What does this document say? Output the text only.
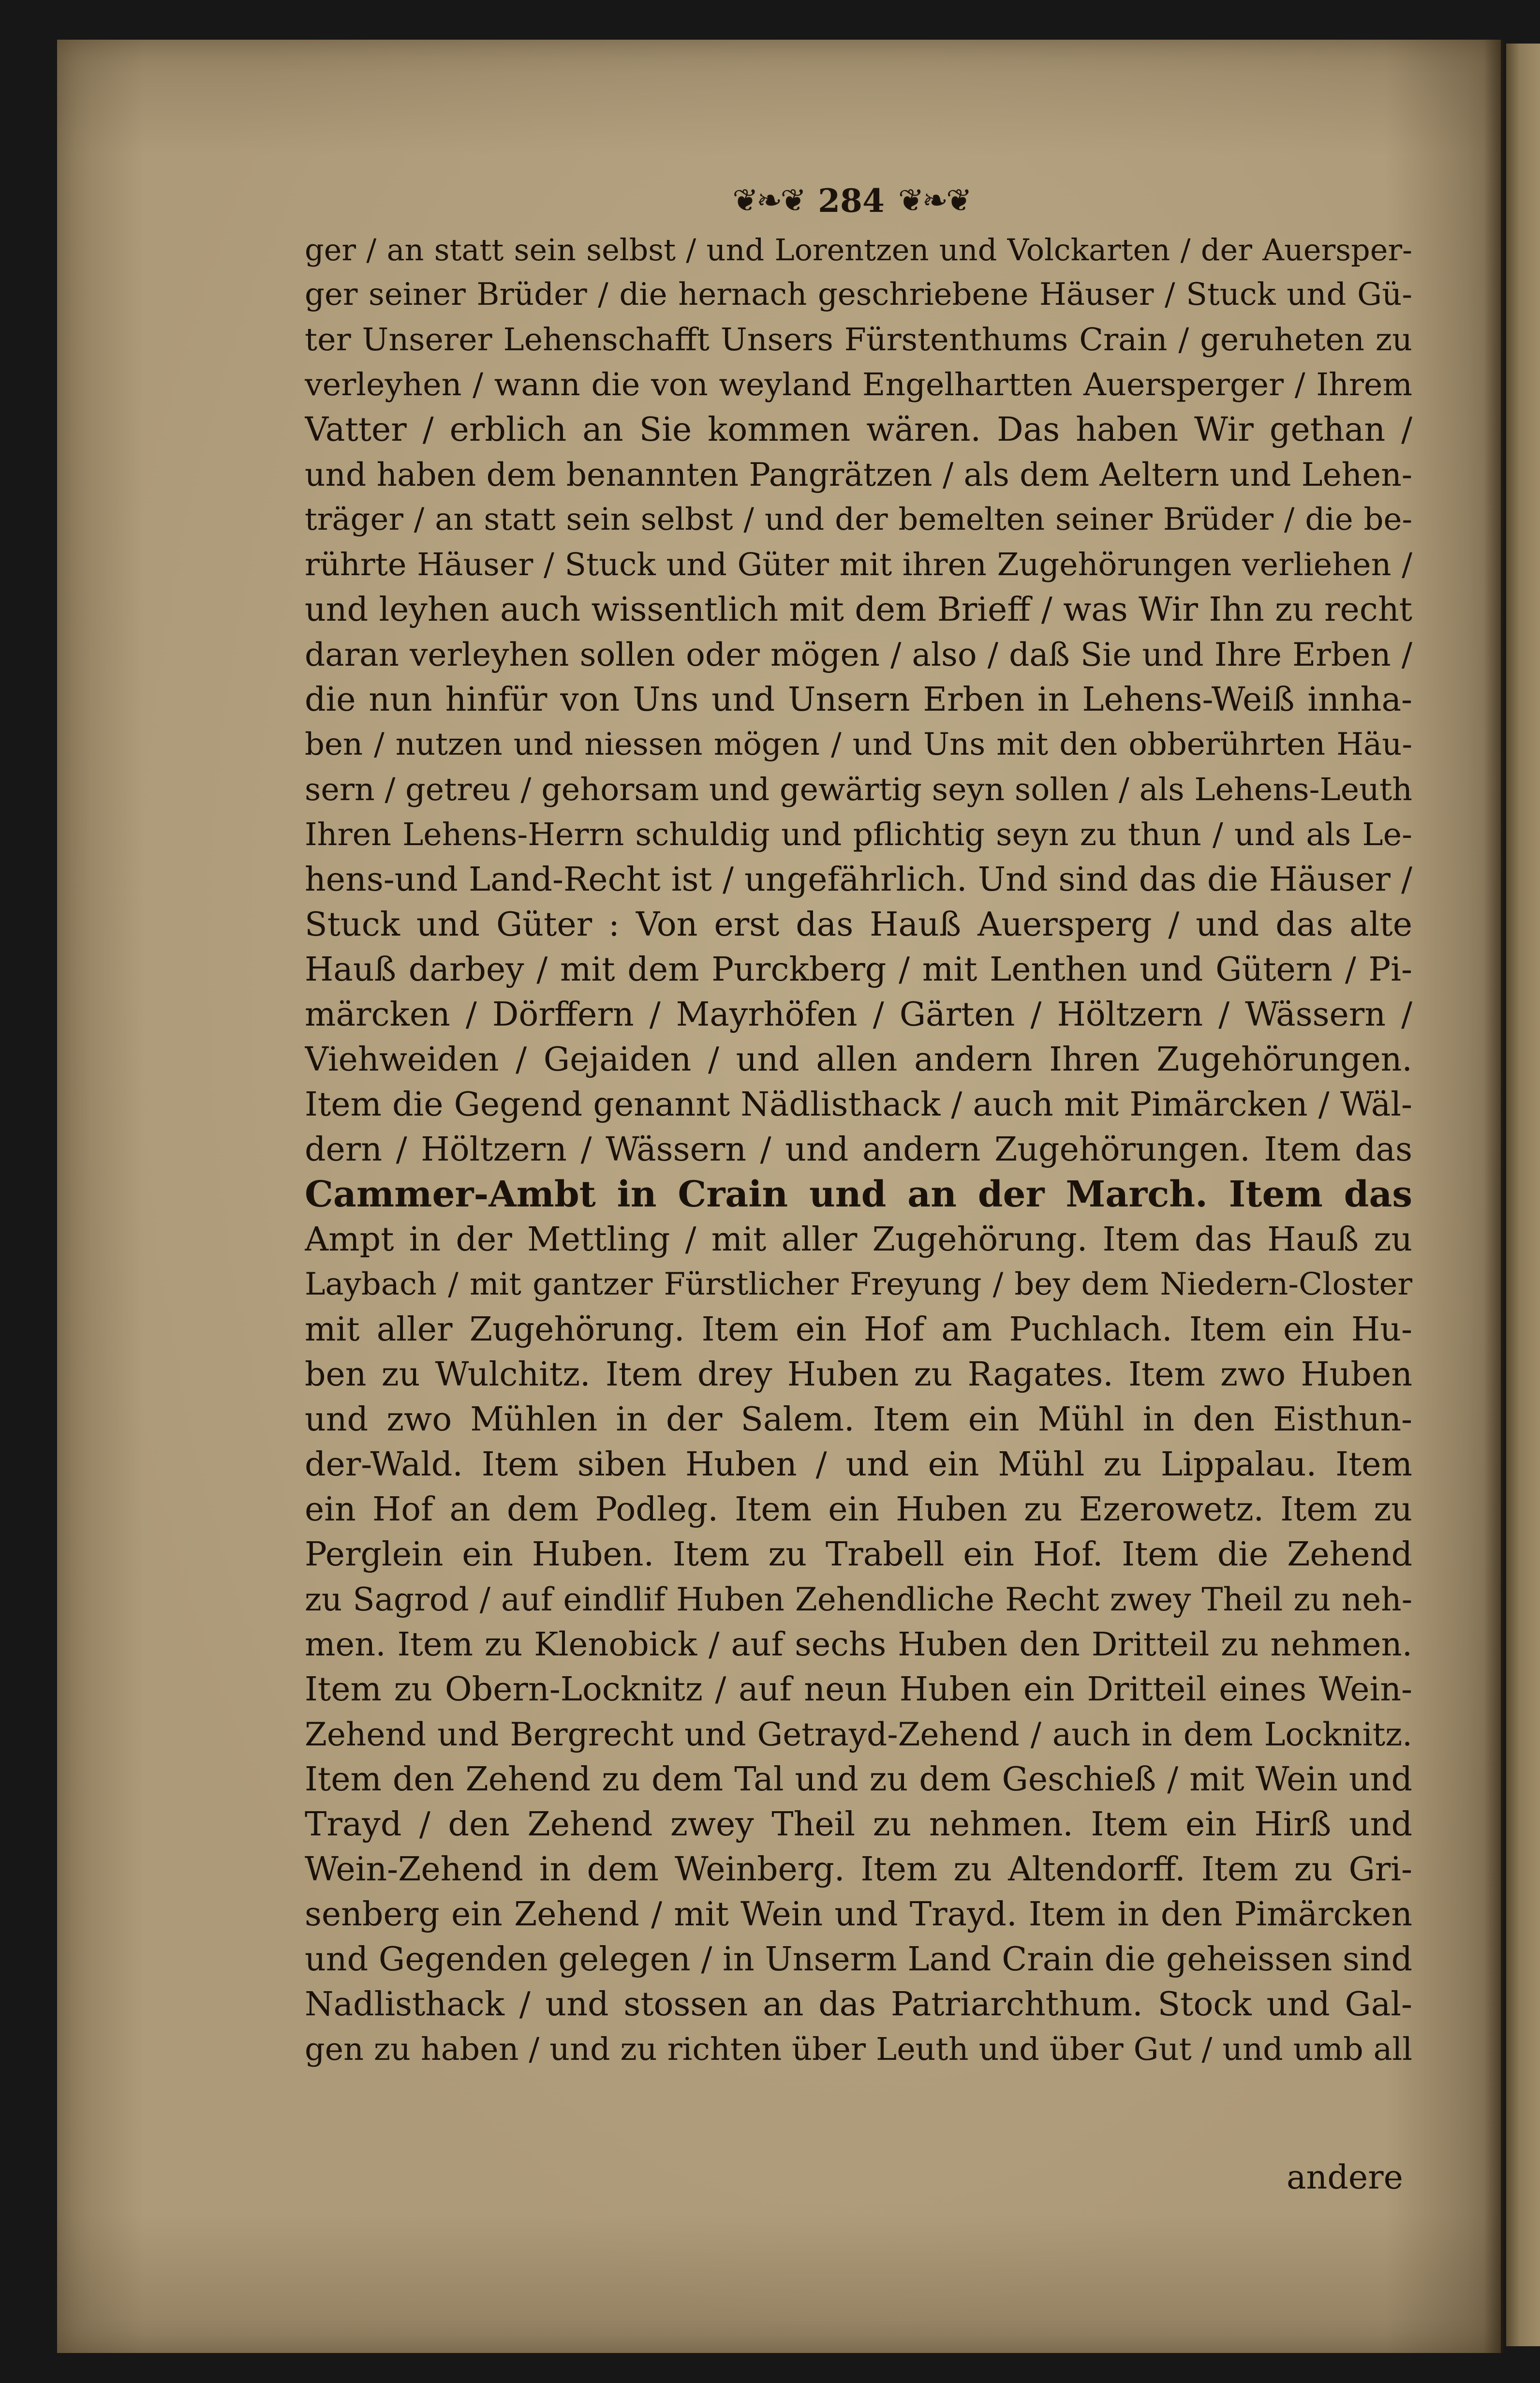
❦❧❦ 284 ❦❧❦
ger / an statt sein selbst / und Lorentzen und Volckarten / der Auersper-
ger seiner Brüder / die hernach geschriebene Häuser / Stuck und Gü-
ter Unserer Lehenschafft Unsers Fürstenthums Crain / geruheten zu
verleyhen / wann die von weyland Engelhartten Auersperger / Ihrem
Vatter / erblich an Sie kommen wären. Das haben Wir gethan /
und haben dem benannten Pangrätzen / als dem Aeltern und Lehen-
träger / an statt sein selbst / und der bemelten seiner Brüder / die be-
rührte Häuser / Stuck und Güter mit ihren Zugehörungen verliehen /
und leyhen auch wissentlich mit dem Brieff / was Wir Ihn zu recht
daran verleyhen sollen oder mögen / also / daß Sie und Ihre Erben /
die nun hinfür von Uns und Unsern Erben in Lehens-Weiß innha-
ben / nutzen und niessen mögen / und Uns mit den obberührten Häu-
sern / getreu / gehorsam und gewärtig seyn sollen / als Lehens-Leuth
Ihren Lehens-Herrn schuldig und pflichtig seyn zu thun / und als Le-
hens-und Land-Recht ist / ungefährlich. Und sind das die Häuser /
Stuck und Güter : Von erst das Hauß Auersperg / und das alte
Hauß darbey / mit dem Purckberg / mit Lenthen und Gütern / Pi-
märcken / Dörffern / Mayrhöfen / Gärten / Höltzern / Wässern /
Viehweiden / Gejaiden / und allen andern Ihren Zugehörungen.
Item die Gegend genannt Nädlisthack / auch mit Pimärcken / Wäl-
dern / Höltzern / Wässern / und andern Zugehörungen. Item das
Cammer-Ambt in Crain und an der March. Item das
Ampt in der Mettling / mit aller Zugehörung. Item das Hauß zu
Laybach / mit gantzer Fürstlicher Freyung / bey dem Niedern-Closter
mit aller Zugehörung. Item ein Hof am Puchlach. Item ein Hu-
ben zu Wulchitz. Item drey Huben zu Ragates. Item zwo Huben
und zwo Mühlen in der Salem. Item ein Mühl in den Eisthun-
der-Wald. Item siben Huben / und ein Mühl zu Lippalau. Item
ein Hof an dem Podleg. Item ein Huben zu Ezerowetz. Item zu
Perglein ein Huben. Item zu Trabell ein Hof. Item die Zehend
zu Sagrod / auf eindlif Huben Zehendliche Recht zwey Theil zu neh-
men. Item zu Klenobick / auf sechs Huben den Dritteil zu nehmen.
Item zu Obern-Locknitz / auf neun Huben ein Dritteil eines Wein-
Zehend und Bergrecht und Getrayd-Zehend / auch in dem Locknitz.
Item den Zehend zu dem Tal und zu dem Geschieß / mit Wein und
Trayd / den Zehend zwey Theil zu nehmen. Item ein Hirß und
Wein-Zehend in dem Weinberg. Item zu Altendorff. Item zu Gri-
senberg ein Zehend / mit Wein und Trayd. Item in den Pimärcken
und Gegenden gelegen / in Unserm Land Crain die geheissen sind
Nadlisthack / und stossen an das Patriarchthum. Stock und Gal-
gen zu haben / und zu richten über Leuth und über Gut / und umb all
andere
